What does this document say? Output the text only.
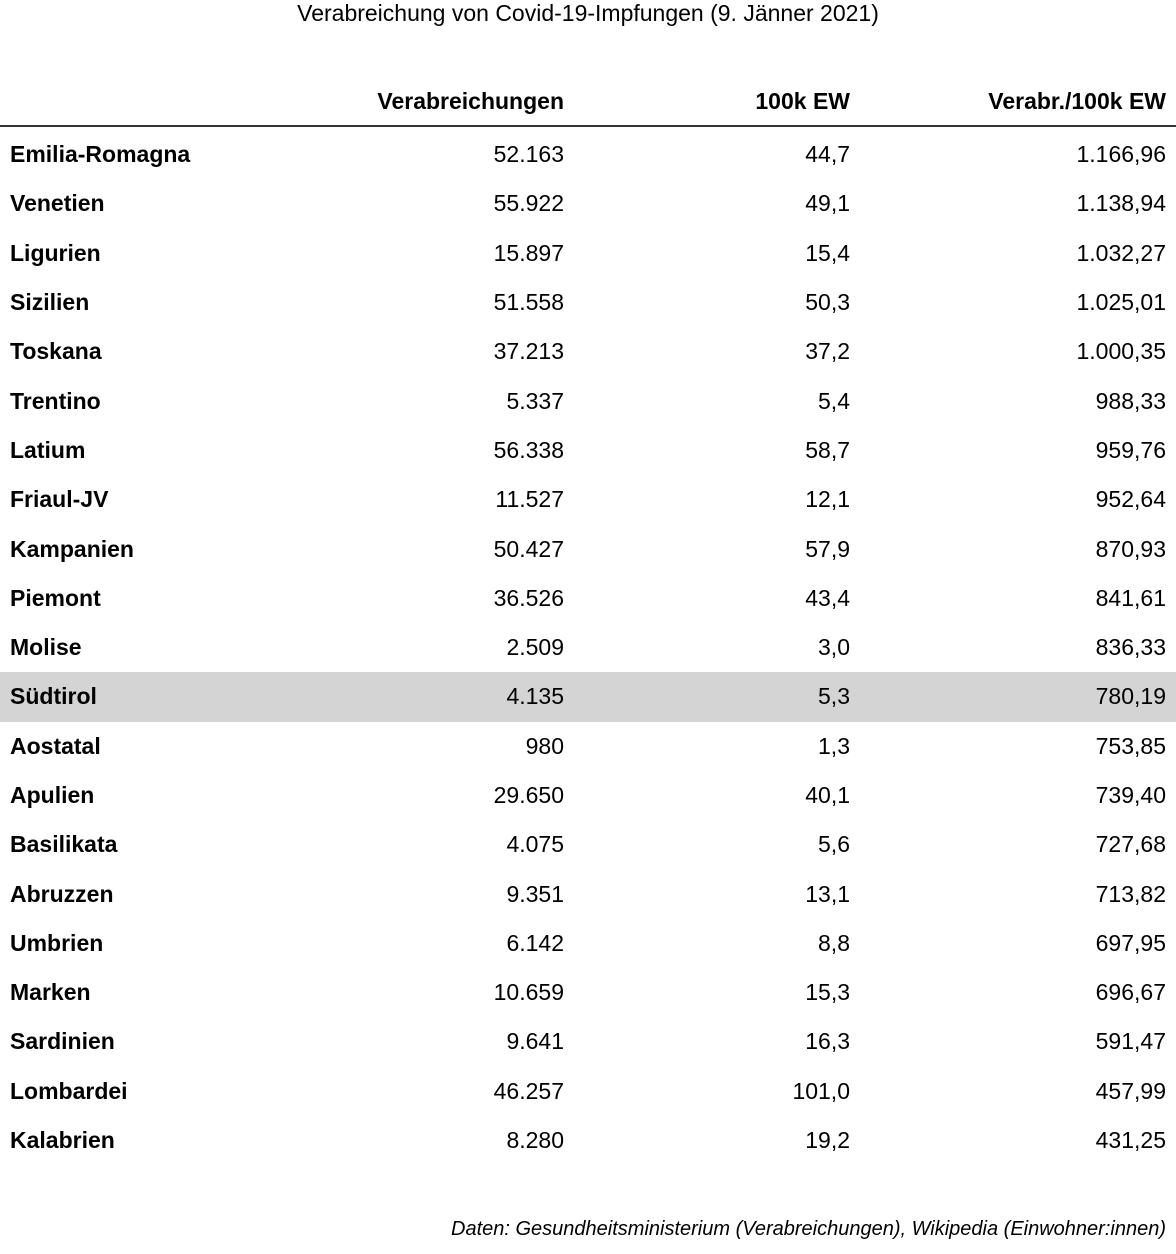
Verabreichung von Covid-19-Impfungen (9. Jänner 2021)
	Verabreichungen	100k EW	Verabr./100k EW

Emilia-Romagna	52.163	44,7	1.166,96
Venetien	55.922	49,1	1.138,94
Ligurien	15.897	15,4	1.032,27
Sizilien	51.558	50,3	1.025,01
Toskana	37.213	37,2	1.000,35
Trentino	5.337	5,4	988,33
Latium	56.338	58,7	959,76
Friaul-JV	11.527	12,1	952,64
Kampanien	50.427	57,9	870,93
Piemont	36.526	43,4	841,61
Molise	2.509	3,0	836,33
Südtirol	4.135	5,3	780,19
Aostatal	980	1,3	753,85
Apulien	29.650	40,1	739,40
Basilikata	4.075	5,6	727,68
Abruzzen	9.351	13,1	713,82
Umbrien	6.142	8,8	697,95
Marken	10.659	15,3	696,67
Sardinien	9.641	16,3	591,47
Lombardei	46.257	101,0	457,99
Kalabrien	8.280	19,2	431,25
Daten: Gesundheitsministerium (Verabreichungen), Wikipedia (Einwohner:innen)
